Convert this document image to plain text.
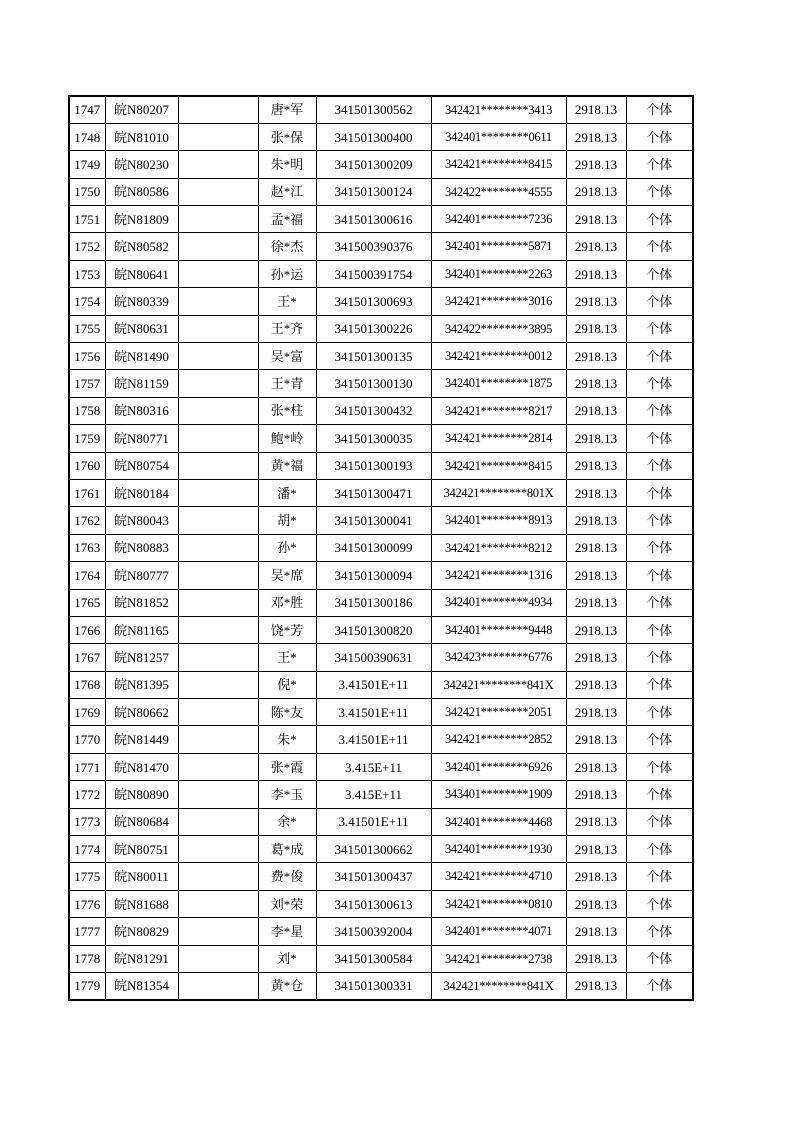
1747	皖N80207		唐*军	341501300562	342421********3413	2918.13	个体
1748	皖N81010		张*保	341501300400	342401********0611	2918.13	个体
1749	皖N80230		朱*明	341501300209	342421********8415	2918.13	个体
1750	皖N80586		赵*江	341501300124	342422********4555	2918.13	个体
1751	皖N81809		孟*福	341501300616	342401********7236	2918.13	个体
1752	皖N80582		徐*杰	341500390376	342401********5871	2918.13	个体
1753	皖N80641		孙*运	341500391754	342401********2263	2918.13	个体
1754	皖N80339		王*	341501300693	342421********3016	2918.13	个体
1755	皖N80631		王*齐	341501300226	342422********3895	2918.13	个体
1756	皖N81490		吴*富	341501300135	342421********0012	2918.13	个体
1757	皖N81159		王*青	341501300130	342401********1875	2918.13	个体
1758	皖N80316		张*柱	341501300432	342421********8217	2918.13	个体
1759	皖N80771		鲍*岭	341501300035	342421********2814	2918.13	个体
1760	皖N80754		黄*福	341501300193	342421********8415	2918.13	个体
1761	皖N80184		潘*	341501300471	342421********801X	2918.13	个体
1762	皖N80043		胡*	341501300041	342401********8913	2918.13	个体
1763	皖N80883		孙*	341501300099	342421********8212	2918.13	个体
1764	皖N80777		吴*席	341501300094	342421********1316	2918.13	个体
1765	皖N81852		邓*胜	341501300186	342401********4934	2918.13	个体
1766	皖N81165		饶*芳	341501300820	342401********9448	2918.13	个体
1767	皖N81257		王*	341500390631	342423********6776	2918.13	个体
1768	皖N81395		倪*	3.41501E+11	342421********841X	2918.13	个体
1769	皖N80662		陈*友	3.41501E+11	342421********2051	2918.13	个体
1770	皖N81449		朱*	3.41501E+11	342421********2852	2918.13	个体
1771	皖N81470		张*霞	3.415E+11	342401********6926	2918.13	个体
1772	皖N80890		李*玉	3.415E+11	343401********1909	2918.13	个体
1773	皖N80684		余*	3.41501E+11	342401********4468	2918.13	个体
1774	皖N80751		葛*成	341501300662	342401********1930	2918.13	个体
1775	皖N80011		费*俊	341501300437	342421********4710	2918.13	个体
1776	皖N81688		刘*荣	341501300613	342421********0810	2918.13	个体
1777	皖N80829		李*星	341500392004	342401********4071	2918.13	个体
1778	皖N81291		刘*	341501300584	342421********2738	2918.13	个体
1779	皖N81354		黄*仓	341501300331	342421********841X	2918.13	个体
